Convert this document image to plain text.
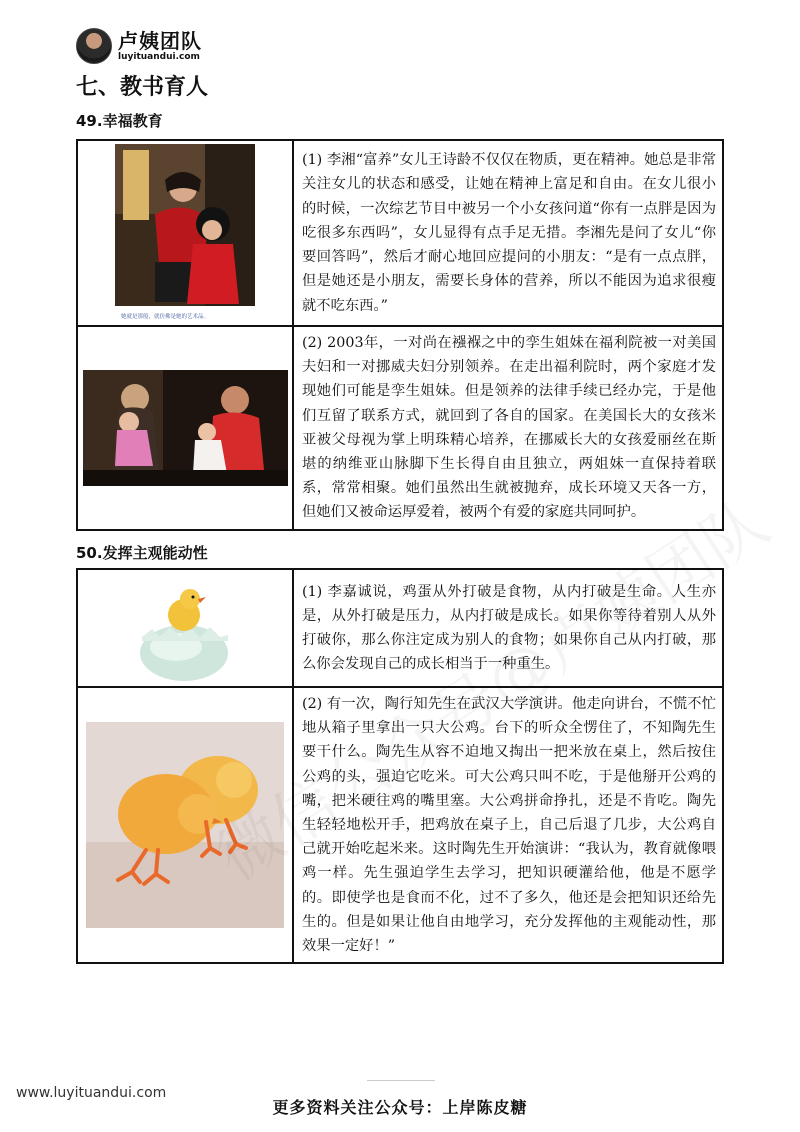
卢姨团队
luyituandui.com
七、教书育人
49.幸福教育
她就是那般，就仿佛是她的艺术品。	(1) 李湘“富养”女儿王诗龄不仅仅在物质，更在精神。她总是非常关注女儿的状态和感受，让她在精神上富足和自由。在女儿很小的时候，一次综艺节目中被另一个小女孩问道“你有一点胖是因为吃很多东西吗”，女儿显得有点手足无措。李湘先是问了女儿“你要回答吗”，然后才耐心地回应提问的小朋友：“是有一点点胖，但是她还是小朋友，需要长身体的营养，所以不能因为追求很瘦就不吃东西。”

	(2) 2003年，一对尚在襁褓之中的孪生姐妹在福利院被一对美国夫妇和一对挪威夫妇分别领养。在走出福利院时，两个家庭才发现她们可能是孪生姐妹。但是领养的法律手续已经办完，于是他们互留了联系方式，就回到了各自的国家。在美国长大的女孩米亚被父母视为掌上明珠精心培养，在挪威长大的女孩爱丽丝在斯堪的纳维亚山脉脚下生长得自由且独立，两姐妹一直保持着联系，常常相聚。她们虽然出生就被抛弃，成长环境又天各一方，但她们又被命运厚爱着，被两个有爱的家庭共同呵护。
50.发挥主观能动性
	(1) 李嘉诚说，鸡蛋从外打破是食物，从内打破是生命。人生亦是，从外打破是压力，从内打破是成长。如果你等待着别人从外打破你，那么你注定成为别人的食物；如果你自己从内打破，那么你会发现自己的成长相当于一种重生。

	(2) 有一次，陶行知先生在武汉大学演讲。他走向讲台，不慌不忙地从箱子里拿出一只大公鸡。台下的听众全愣住了，不知陶先生要干什么。陶先生从容不迫地又掏出一把米放在桌上，然后按住公鸡的头，强迫它吃米。可大公鸡只叫不吃，于是他掰开公鸡的嘴，把米硬往鸡的嘴里塞。大公鸡拼命挣扎，还是不肯吃。陶先生轻轻地松开手，把鸡放在桌子上，自己后退了几步，大公鸡自己就开始吃起米来。这时陶先生开始演讲：“我认为，教育就像喂鸡一样。先生强迫学生去学习，把知识硬灌给他，他是不愿学的。即使学也是食而不化，过不了多久，他还是会把知识还给先生的。但是如果让他自由地学习，充分发挥他的主观能动性，那效果一定好！”
www.luyituandui.com
更多资料关注公众号：上岸陈皮糖
